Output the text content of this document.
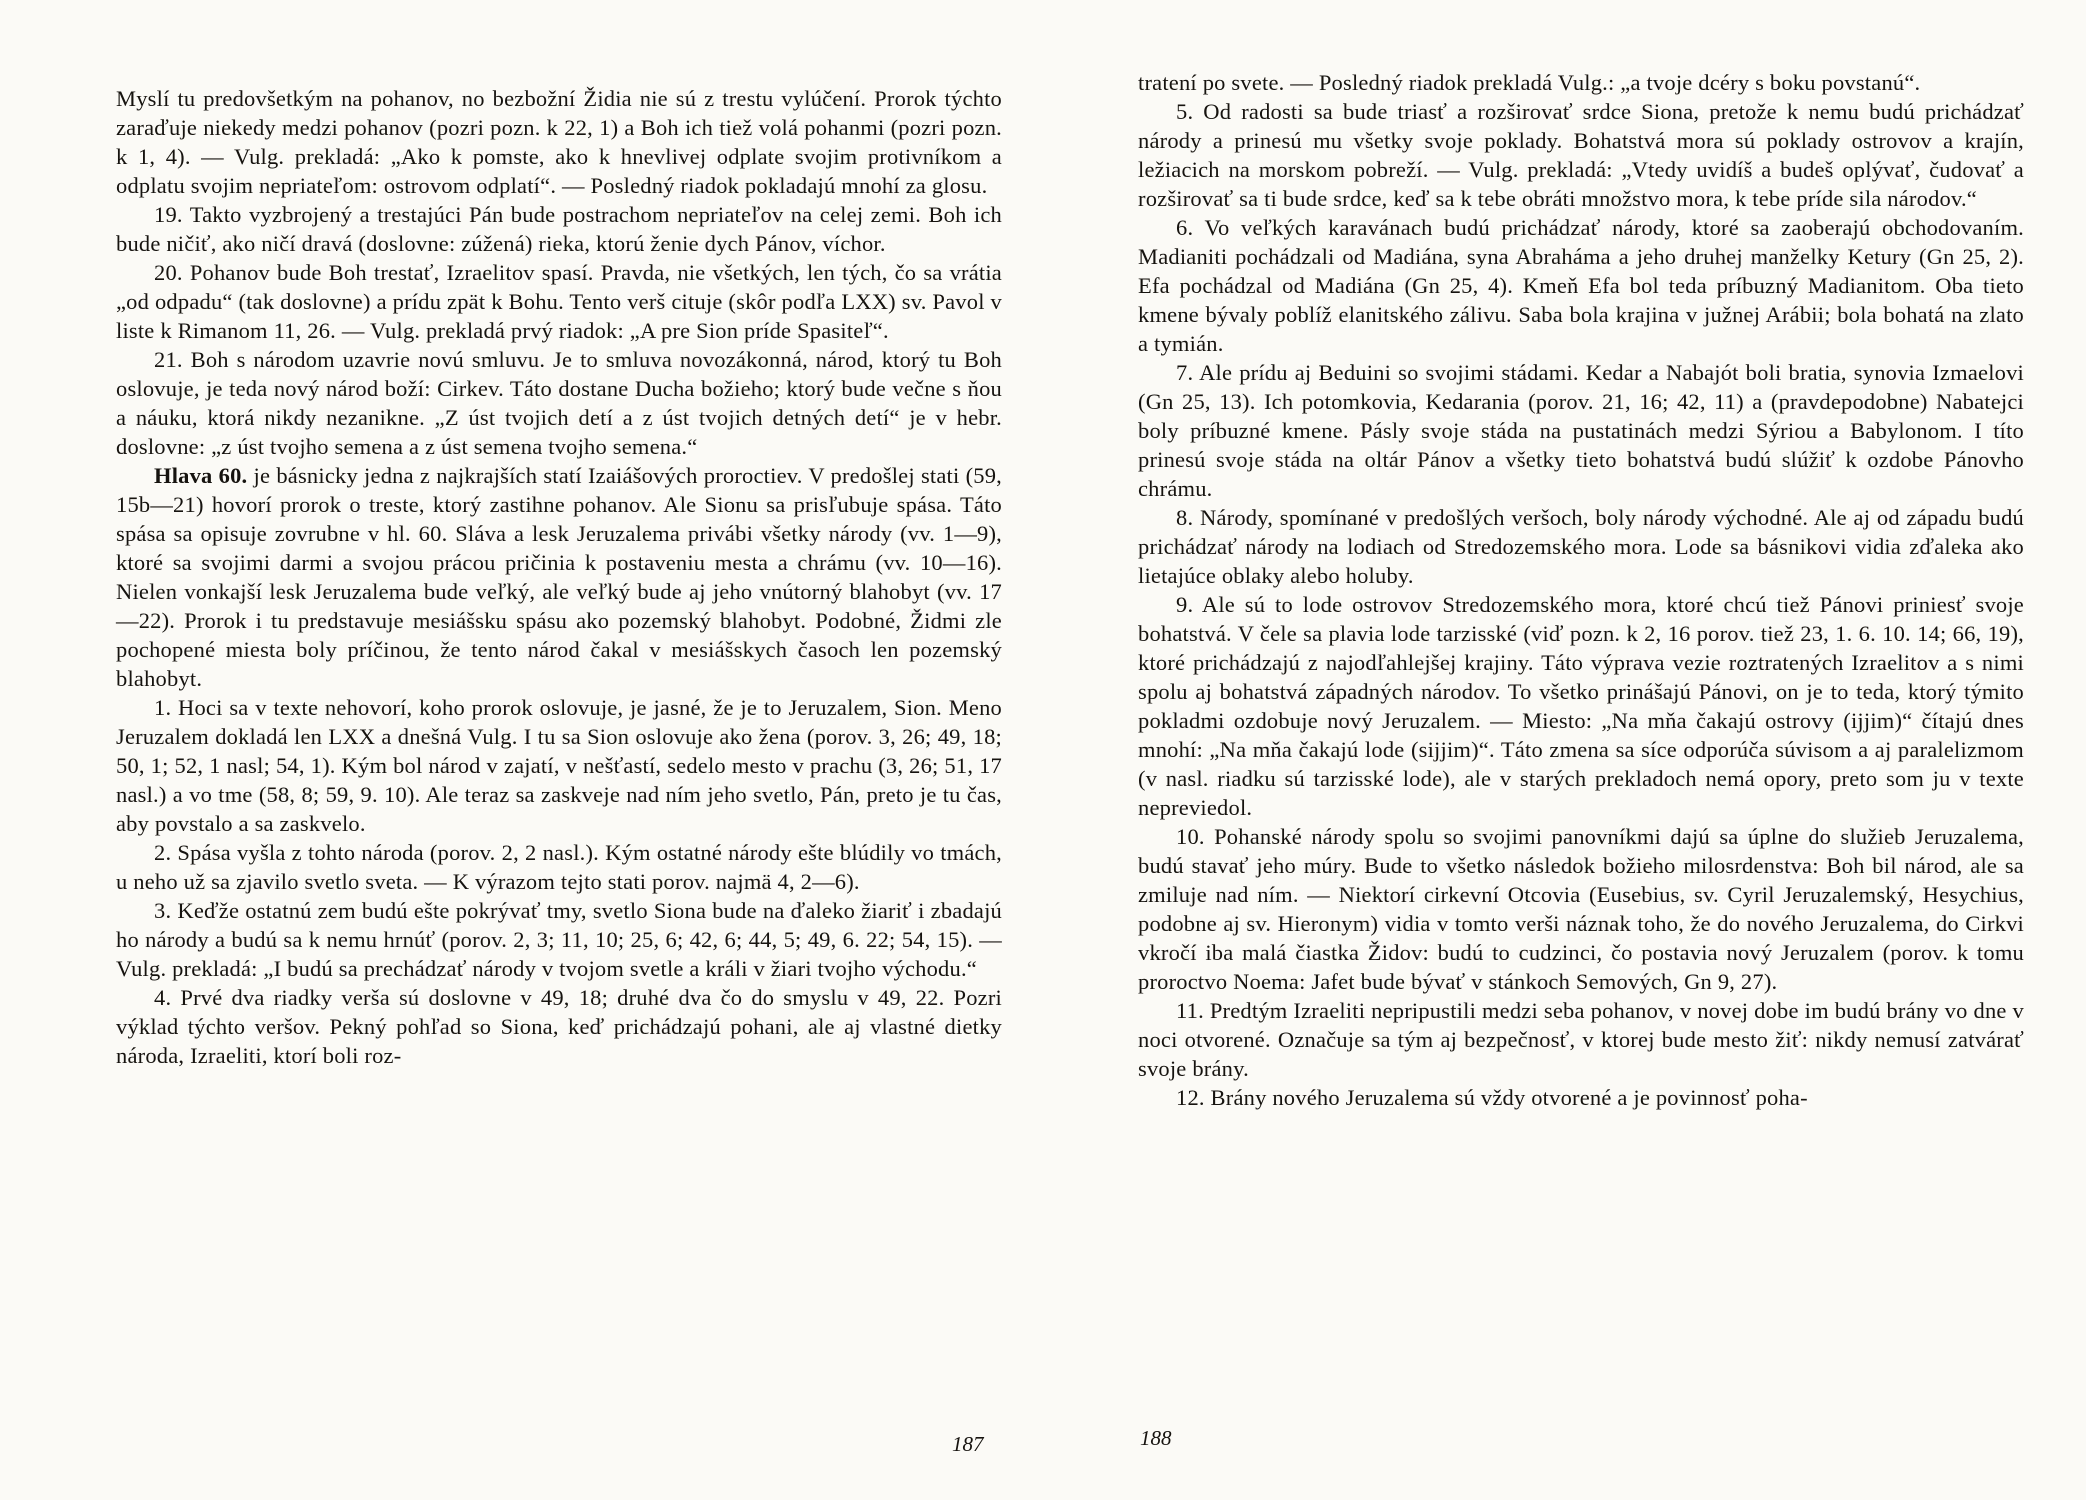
Myslí tu predovšetkým na pohanov, no bezbožní Židia nie sú z trestu vylúčení. Prorok týchto zaraďuje niekedy medzi pohanov (pozri pozn. k 22, 1) a Boh ich tiež volá pohanmi (pozri pozn. k 1, 4). — Vulg. prekladá: „Ako k pomste, ako k hnevlivej odplate svojim protivníkom a odplatu svojim nepriateľom: ostrovom odplatí“. — Posledný riadok pokladajú mnohí za glosu.

19. Takto vyzbrojený a trestajúci Pán bude postrachom nepriateľov na celej zemi. Boh ich bude ničiť, ako ničí dravá (doslovne: zúžená) rieka, ktorú ženie dych Pánov, víchor.

20. Pohanov bude Boh trestať, Izraelitov spasí. Pravda, nie všetkých, len tých, čo sa vrátia „od odpadu“ (tak doslovne) a prídu zpät k Bohu. Tento verš cituje (skôr podľa LXX) sv. Pavol v liste k Rimanom 11, 26. — Vulg. prekladá prvý riadok: „A pre Sion príde Spasiteľ“.

21. Boh s národom uzavrie novú smluvu. Je to smluva novozákonná, národ, ktorý tu Boh oslovuje, je teda nový národ boží: Cirkev. Táto dostane Ducha božieho; ktorý bude večne s ňou a náuku, ktorá nikdy nezanikne. „Z úst tvojich detí a z úst tvojich detných detí“ je v hebr. doslovne: „z úst tvojho semena a z úst semena tvojho semena.“

Hlava 60. je básnicky jedna z najkrajších statí Izaiášových proroctiev. V predošlej stati (59, 15b—21) hovorí prorok o treste, ktorý zastihne pohanov. Ale Sionu sa prisľubuje spása. Táto spása sa opisuje zovrubne v hl. 60. Sláva a lesk Jeruzalema privábi všetky národy (vv. 1—9), ktoré sa svojimi darmi a svojou prácou pričinia k postaveniu mesta a chrámu (vv. 10—16). Nielen vonkajší lesk Jeruzalema bude veľký, ale veľký bude aj jeho vnútorný blahobyt (vv. 17—22). Prorok i tu predstavuje mesiášsku spásu ako pozemský blahobyt. Podobné, Židmi zle pochopené miesta boly príčinou, že tento národ čakal v mesiášskych časoch len pozemský blahobyt.

1. Hoci sa v texte nehovorí, koho prorok oslovuje, je jasné, že je to Jeruzalem, Sion. Meno Jeruzalem dokladá len LXX a dnešná Vulg. I tu sa Sion oslovuje ako žena (porov. 3, 26; 49, 18; 50, 1; 52, 1 nasl; 54, 1). Kým bol národ v zajatí, v nešťastí, sedelo mesto v prachu (3, 26; 51, 17 nasl.) a vo tme (58, 8; 59, 9. 10). Ale teraz sa zaskveje nad ním jeho svetlo, Pán, preto je tu čas, aby povstalo a sa zaskvelo.

2. Spása vyšla z tohto národa (porov. 2, 2 nasl.). Kým ostatné národy ešte blúdily vo tmách, u neho už sa zjavilo svetlo sveta. — K výrazom tejto stati porov. najmä 4, 2—6).

3. Keďže ostatnú zem budú ešte pokrývať tmy, svetlo Siona bude na ďaleko žiariť i zbadajú ho národy a budú sa k nemu hrnúť (porov. 2, 3; 11, 10; 25, 6; 42, 6; 44, 5; 49, 6. 22; 54, 15). — Vulg. prekladá: „I budú sa prechádzať národy v tvojom svetle a králi v žiari tvojho východu.“

4. Prvé dva riadky verša sú doslovne v 49, 18; druhé dva čo do smyslu v 49, 22. Pozri výklad týchto veršov. Pekný pohľad so Siona, keď prichádzajú pohani, ale aj vlastné dietky národa, Izraeliti, ktorí boli roz-

tratení po svete. — Posledný riadok prekladá Vulg.: „a tvoje dcéry s boku povstanú“.

5. Od radosti sa bude triasť a rozširovať srdce Siona, pretože k nemu budú prichádzať národy a prinesú mu všetky svoje poklady. Bohatstvá mora sú poklady ostrovov a krajín, ležiacich na morskom pobreží. — Vulg. prekladá: „Vtedy uvidíš a budeš oplývať, čudovať a rozširovať sa ti bude srdce, keď sa k tebe obráti množstvo mora, k tebe príde sila národov.“

6. Vo veľkých karavánach budú prichádzať národy, ktoré sa zaoberajú obchodovaním. Madianiti pochádzali od Madiána, syna Abraháma a jeho druhej manželky Ketury (Gn 25, 2). Efa pochádzal od Madiána (Gn 25, 4). Kmeň Efa bol teda príbuzný Madianitom. Oba tieto kmene bývaly poblíž elanitského zálivu. Saba bola krajina v južnej Arábii; bola bohatá na zlato a tymián.

7. Ale prídu aj Beduini so svojimi stádami. Kedar a Nabajót boli bratia, synovia Izmaelovi (Gn 25, 13). Ich potomkovia, Kedarania (porov. 21, 16; 42, 11) a (pravdepodobne) Nabatejci boly príbuzné kmene. Pásly svoje stáda na pustatinách medzi Sýriou a Babylonom. I títo prinesú svoje stáda na oltár Pánov a všetky tieto bohatstvá budú slúžiť k ozdobe Pánovho chrámu.

8. Národy, spomínané v predošlých veršoch, boly národy východné. Ale aj od západu budú prichádzať národy na lodiach od Stredozemského mora. Lode sa básnikovi vidia zďaleka ako lietajúce oblaky alebo holuby.

9. Ale sú to lode ostrovov Stredozemského mora, ktoré chcú tiež Pánovi priniesť svoje bohatstvá. V čele sa plavia lode tarzisské (viď pozn. k 2, 16 porov. tiež 23, 1. 6. 10. 14; 66, 19), ktoré prichádzajú z najodľahlejšej krajiny. Táto výprava vezie roztratených Izraelitov a s nimi spolu aj bohatstvá západných národov. To všetko prinášajú Pánovi, on je to teda, ktorý týmito pokladmi ozdobuje nový Jeruzalem. — Miesto: „Na mňa čakajú ostrovy (ijjim)“ čítajú dnes mnohí: „Na mňa čakajú lode (sijjim)“. Táto zmena sa síce odporúča súvisom a aj paralelizmom (v nasl. riadku sú tarzisské lode), ale v starých prekladoch nemá opory, preto som ju v texte nepreviedol.

10. Pohanské národy spolu so svojimi panovníkmi dajú sa úplne do služieb Jeruzalema, budú stavať jeho múry. Bude to všetko následok božieho milosrdenstva: Boh bil národ, ale sa zmiluje nad ním. — Niektorí cirkevní Otcovia (Eusebius, sv. Cyril Jeruzalemský, Hesychius, podobne aj sv. Hieronym) vidia v tomto verši náznak toho, že do nového Jeruzalema, do Cirkvi vkročí iba malá čiastka Židov: budú to cudzinci, čo postavia nový Jeruzalem (porov. k tomu proroctvo Noema: Jafet bude bývať v stánkoch Semových, Gn 9, 27).

11. Predtým Izraeliti nepripustili medzi seba pohanov, v novej dobe im budú brány vo dne v noci otvorené. Označuje sa tým aj bezpečnosť, v ktorej bude mesto žiť: nikdy nemusí zatvárať svoje brány.

12. Brány nového Jeruzalema sú vždy otvorené a je povinnosť poha-

187	188
